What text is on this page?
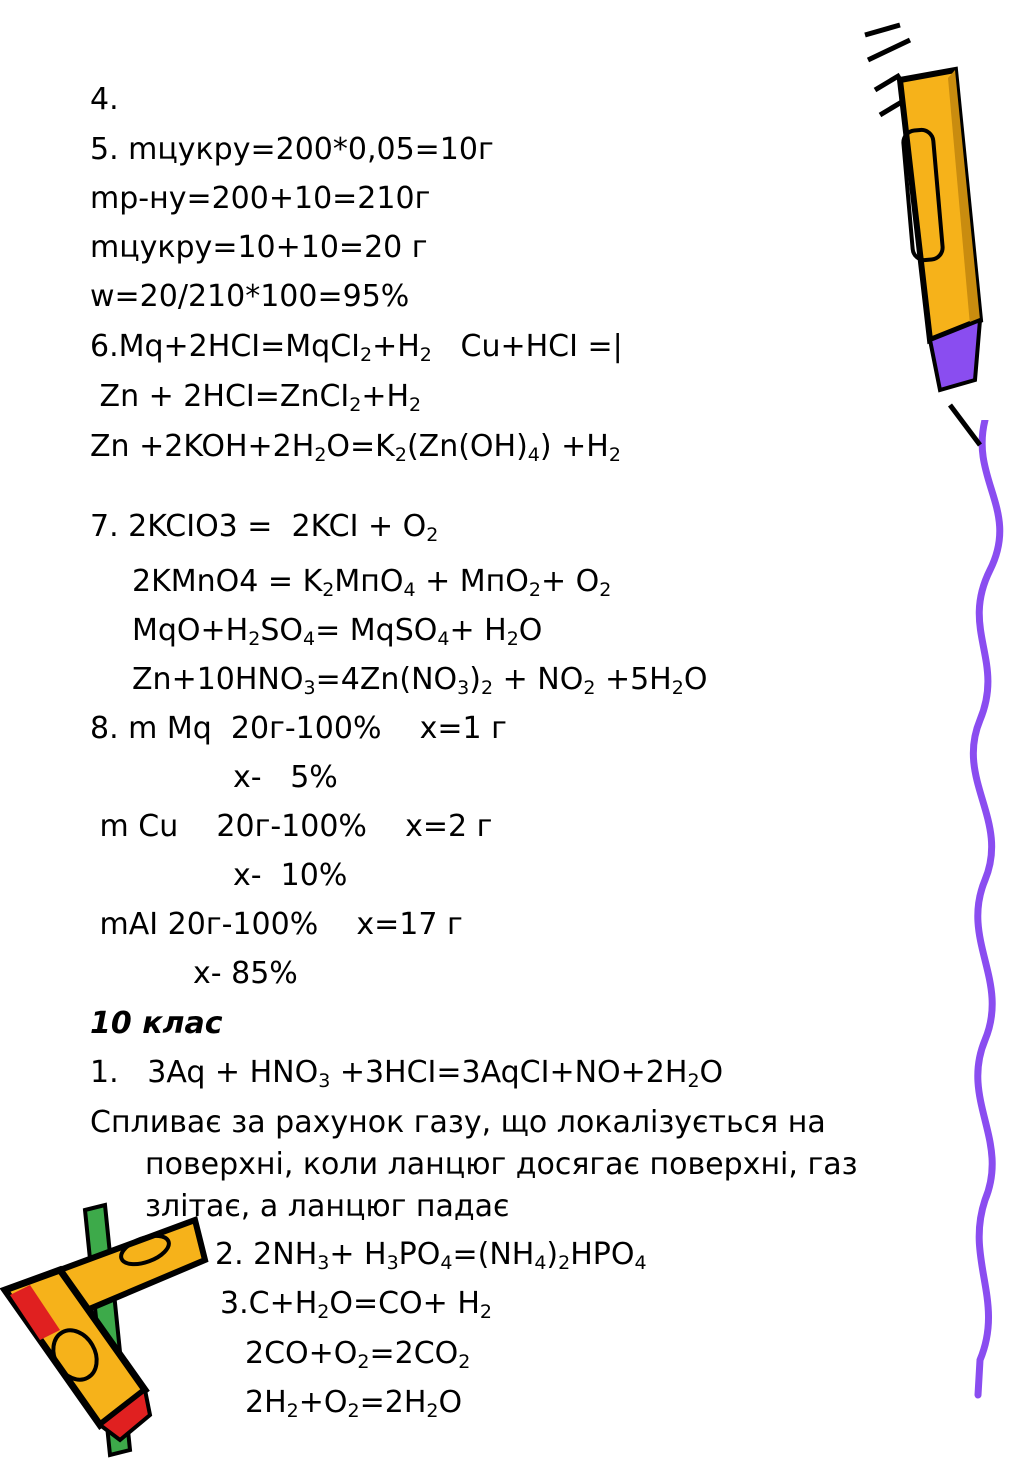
4.
5. mцукру=200*0,05=10г
mр-ну=200+10=210г
mцукру=10+10=20 г
w=20/210*100=95%
$6.Mq+2HCI=MqCI_2+H_2$   Cu+HCI =|
$Zn + 2HCI=ZnCI_2+H_2$
$Zn +2KOH+2H_2O=K_2(Zn(OH)_4) +H_2$
7. 2KCIO3 =  $2KCI + O_2$
2KMnO4 = $K_2MпO_4 + MпO_2+ O_2$
$MqO+H_2SO_4=$ MqSO$_4$+ $H_2O$
$Zn+10HNO_3=4Zn(NO_3)_2 + NO_2 +5H_2O$
8. m Mq  20г-100%    x=1 г
x-   5%
m Cu    20г-100%    x=2 г
x-  10%
mAI 20г-100%    x=17 г
x- 85%
10 клас
1.   $3Aq + HNO_3$ $+3HCI=3AqCI+NO+2H_2O$
Спливає за рахунок газу, що локалізується на
поверхні, коли ланцюг досягає поверхні, газ
злітає, а ланцюг падає
2. $2NH_3+ H_3PO_4=(NH_4)_2HPO_4$
$3.C+H_2O=CO+ H_2$
$2CO+O_2=2CO_2$
$2H_2+O_2=2H_2O$
